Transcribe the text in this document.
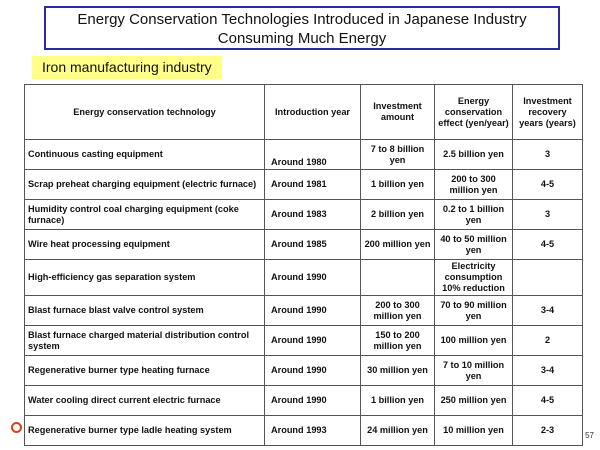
Energy Conservation Technologies Introduced in Japanese Industry
Consuming Much Energy
Iron manufacturing industry
Energy conservation technology	Introduction year	Investment amount	Energy conservation effect (yen/year)	Investment recovery years (years)
Continuous casting equipment	Around 1980	7 to 8 billion yen	2.5 billion yen	3
Scrap preheat charging equipment (electric furnace)	Around 1981	1 billion yen	200 to 300 million yen	4-5
Humidity control coal charging equipment (coke furnace)	Around 1983	2 billion yen	0.2 to 1 billion yen	3
Wire heat processing equipment	Around 1985	200 million yen	40 to 50 million yen	4-5
High-efficiency gas separation system	Around 1990		Electricity consumption 10% reduction	
Blast furnace blast valve control system	Around 1990	200 to 300 million yen	70 to 90 million yen	3-4
Blast furnace charged material distribution control system	Around 1990	150 to 200 million yen	100 million yen	2
Regenerative burner type heating furnace	Around 1990	30 million yen	7 to 10 million yen	3-4
Water cooling direct current electric furnace	Around 1990	1 billion yen	250 million yen	4-5
Regenerative burner type ladle heating system	Around 1993	24 million yen	10 million yen	2-3
57
